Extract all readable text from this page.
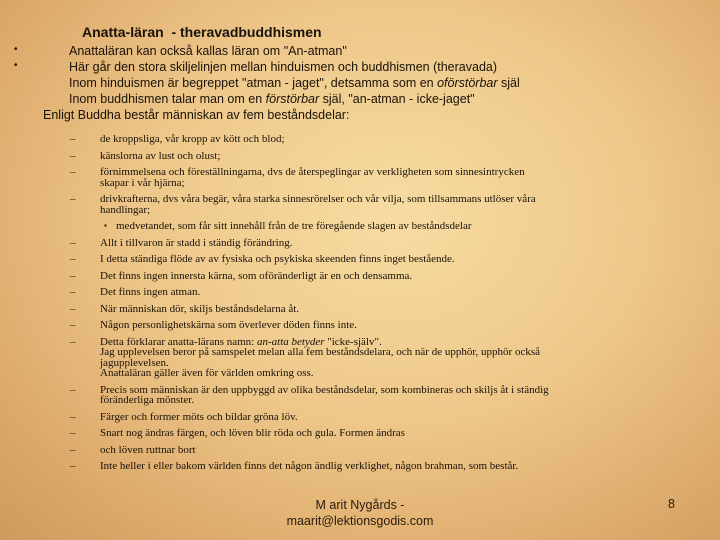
Anatta-läran  - theravadbuddhismen
•	Anattaläran kan också kallas läran om "An-atman"
•	Här går den stora skiljelinjen mellan hinduismen och buddhismen (theravada)
Inom hinduismen är begreppet "atman - jaget", detsamma som en oförstörbar själ
Inom buddhismen talar man om en förstörbar själ, "an-atman - icke-jaget"
Enligt Buddha består människan av fem beståndsdelar:
– de kroppsliga, vår kropp av kött och blod;
– känslorna av lust och olust;
– förnimmelsena och föreställningarna, dvs de återspeglingar av verkligheten som sinnesintrycken
skapar i vår hjärna;
– drivkrafterna, dvs våra begär, våra starka sinnesrörelser och vår vilja, som tillsammans utlöser våra
handlingar;
▪ medvetandet, som får sitt innehåll från de tre föregående slagen av beståndsdelar
– Allt i tillvaron är stadd i ständig förändring.
– I detta ständiga flöde av av fysiska och psykiska skeenden finns inget bestående.
– Det finns ingen innersta kärna, som oföränderligt är en och densamma.
– Det finns ingen atman.
– När människan dör, skiljs beståndsdelarna åt.
– Någon personlighetskärna som överlever döden finns inte.
– Detta förklarar anatta-lärans namn: an-atta betyder "icke-själv".
Jag upplevelsen beror på samspelet melan alla fem beståndsdelara, och när de upphör, upphör också
jagupplevelsen.
Anattaläran gäller även för världen omkring oss.
– Precis som människan är den uppbyggd av olika beståndsdelar, som kombineras och skiljs åt i ständig
föränderliga mönster.
– Färger och former möts och bildar gröna löv.
– Snart nog ändras färgen, och löven blir röda och gula. Formen ändras
– och löven ruttnar bort
– Inte heller i eller bakom världen finns det någon ändlig verklighet, någon brahman, som består.
M arit Nygårds -
maarit@lektionsgodis.com
8
